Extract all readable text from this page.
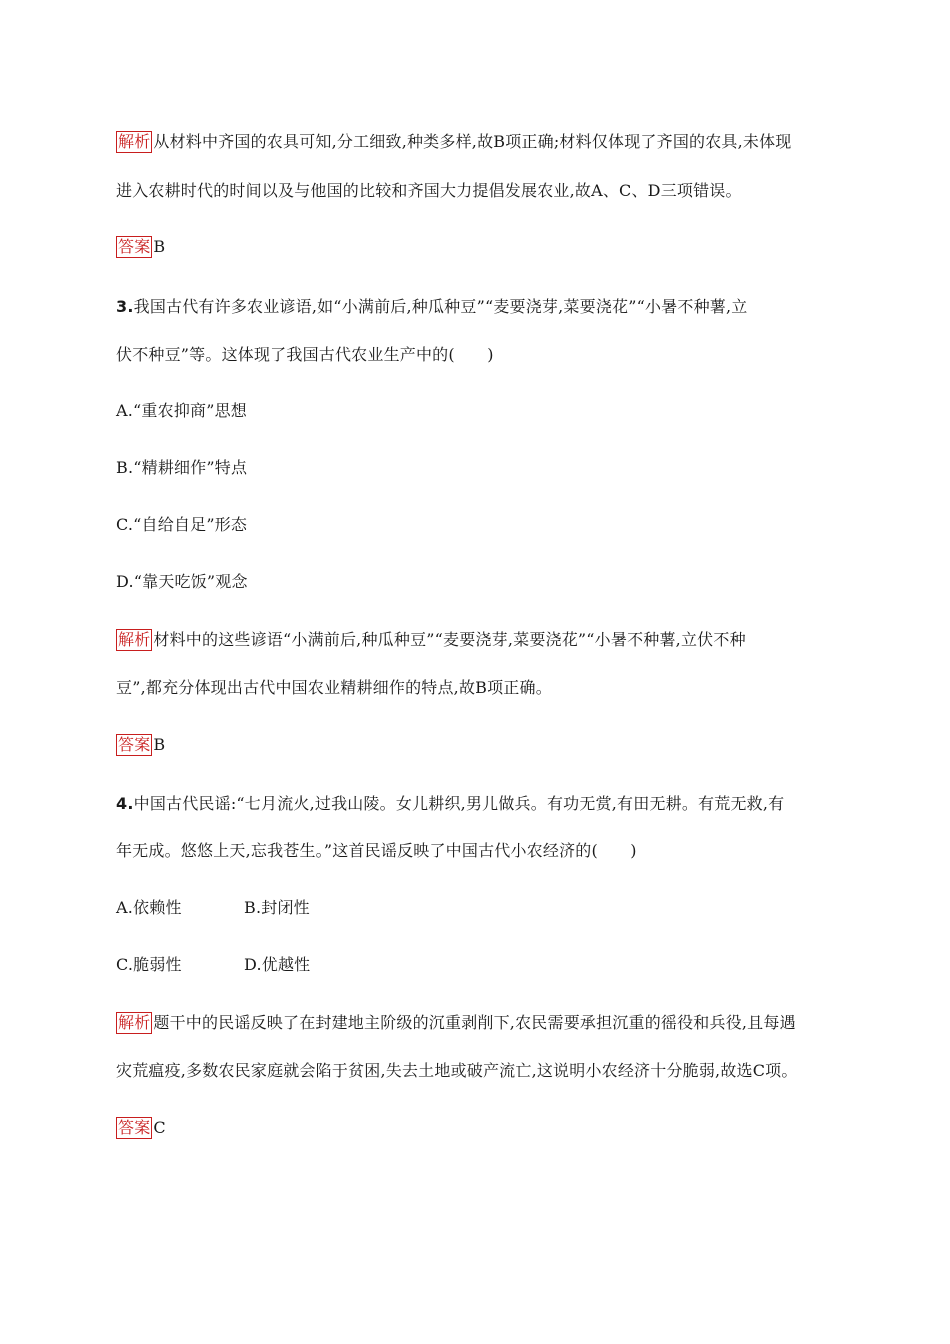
解析 从材料中齐国的农具可知,分工细致,种类多样,故B项正确;材料仅体现了齐国的农具,未体现
进入农耕时代的时间以及与他国的比较和齐国大力提倡发展农业,故A、C、D三项错误。
答案 B
3.我国古代有许多农业谚语,如“小满前后,种瓜种豆”“麦要浇芽,菜要浇花”“小暑不种薯,立
伏不种豆”等。这体现了我国古代农业生产中的(　　)
A.“重农抑商”思想
B.“精耕细作”特点
C.“自给自足”形态
D.“靠天吃饭”观念
解析 材料中的这些谚语“小满前后,种瓜种豆”“麦要浇芽,菜要浇花”“小暑不种薯,立伏不种
豆”,都充分体现出古代中国农业精耕细作的特点,故B项正确。
答案 B
4.中国古代民谣:“七月流火,过我山陵。女儿耕织,男儿做兵。有功无赏,有田无耕。有荒无救,有
年无成。悠悠上天,忘我苍生。”这首民谣反映了中国古代小农经济的(　　)
A.依赖性	B.封闭性
C.脆弱性	D.优越性
解析 题干中的民谣反映了在封建地主阶级的沉重剥削下,农民需要承担沉重的徭役和兵役,且每遇
灾荒瘟疫,多数农民家庭就会陷于贫困,失去土地或破产流亡,这说明小农经济十分脆弱,故选C项。
答案 C
